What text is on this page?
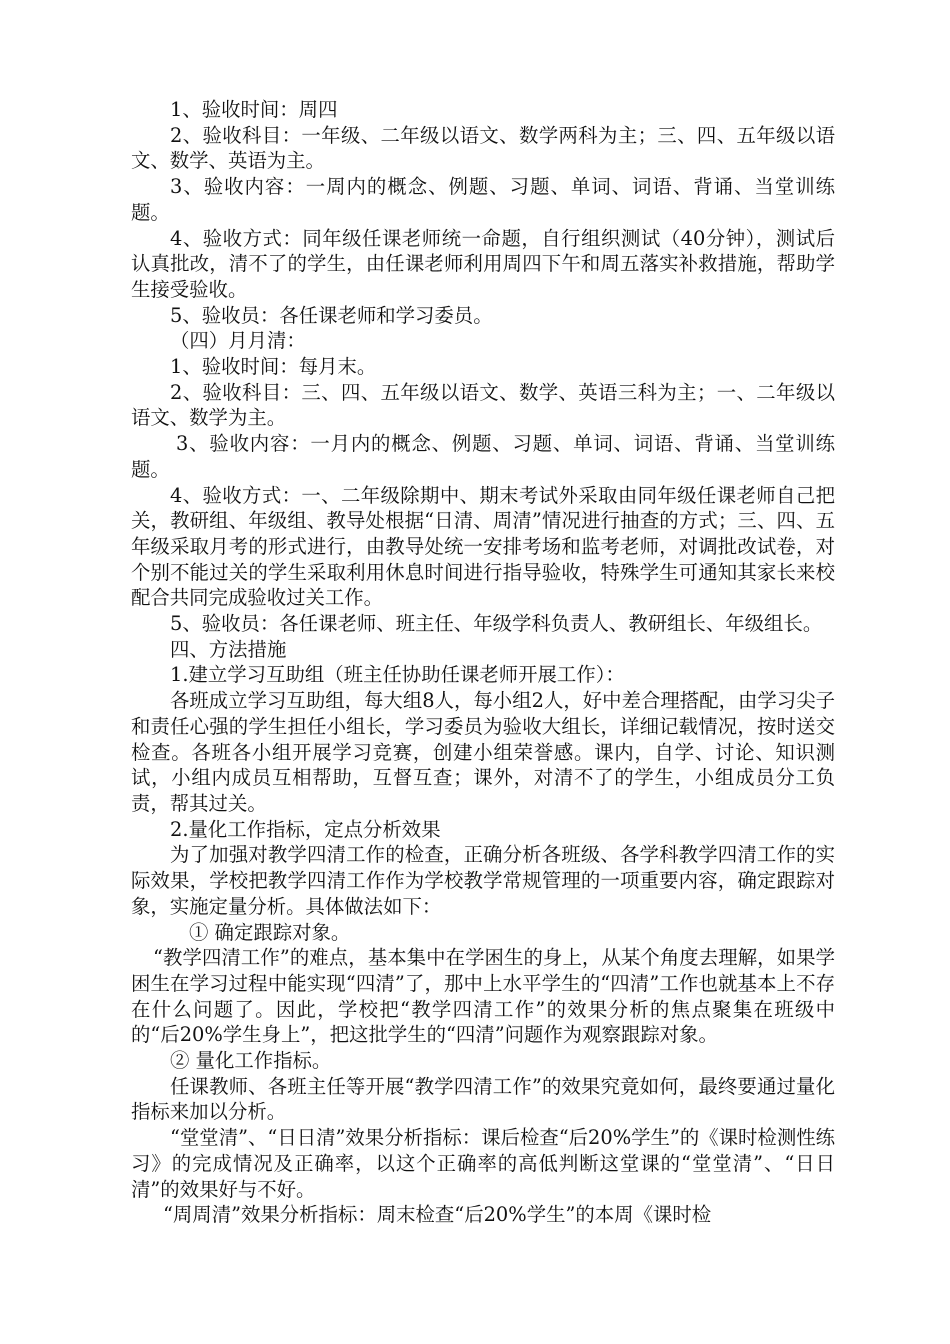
1、验收时间：周四

2、验收科目：一年级、二年级以语文、数学两科为主；三、四、五年级以语文、数学、英语为主。

3、验收内容：一周内的概念、例题、习题、单词、词语、背诵、当堂训练题。

4、验收方式：同年级任课老师统一命题，自行组织测试（40分钟），测试后认真批改，清不了的学生，由任课老师利用周四下午和周五落实补救措施，帮助学生接受验收。

5、验收员：各任课老师和学习委员。

（四）月月清：

1、验收时间：每月末。

2、验收科目：三、四、五年级以语文、数学、英语三科为主；一、二年级以语文、数学为主。

3、验收内容：一月内的概念、例题、习题、单词、词语、背诵、当堂训练题。

4、验收方式：一、二年级除期中、期末考试外采取由同年级任课老师自己把关，教研组、年级组、教导处根据“日清、周清”情况进行抽查的方式；三、四、五年级采取月考的形式进行，由教导处统一安排考场和监考老师，对调批改试卷，对个别不能过关的学生采取利用休息时间进行指导验收，特殊学生可通知其家长来校配合共同完成验收过关工作。

5、验收员：各任课老师、班主任、年级学科负责人、教研组长、年级组长。

四、方法措施

1.建立学习互助组（班主任协助任课老师开展工作）：

各班成立学习互助组，每大组8人，每小组2人，好中差合理搭配，由学习尖子和责任心强的学生担任小组长，学习委员为验收大组长，详细记载情况，按时送交检查。各班各小组开展学习竞赛，创建小组荣誉感。课内，自学、讨论、知识测试，小组内成员互相帮助，互督互查；课外，对清不了的学生，小组成员分工负责，帮其过关。

2.量化工作指标，定点分析效果

为了加强对教学四清工作的检查，正确分析各班级、各学科教学四清工作的实际效果，学校把教学四清工作作为学校教学常规管理的一项重要内容，确定跟踪对象，实施定量分析。具体做法如下：

① 确定跟踪对象。

“教学四清工作”的难点，基本集中在学困生的身上，从某个角度去理解，如果学困生在学习过程中能实现“四清”了，那中上水平学生的“四清”工作也就基本上不存在什么问题了。因此，学校把“教学四清工作”的效果分析的焦点聚集在班级中的“后20%学生身上”，把这批学生的“四清”问题作为观察跟踪对象。

② 量化工作指标。

任课教师、各班主任等开展“教学四清工作”的效果究竟如何，最终要通过量化指标来加以分析。

“堂堂清”、“日日清”效果分析指标：课后检查“后20%学生”的《课时检测性练习》的完成情况及正确率，以这个正确率的高低判断这堂课的“堂堂清”、“日日清”的效果好与不好。

“周周清”效果分析指标：周末检查“后20%学生”的本周《课时检
